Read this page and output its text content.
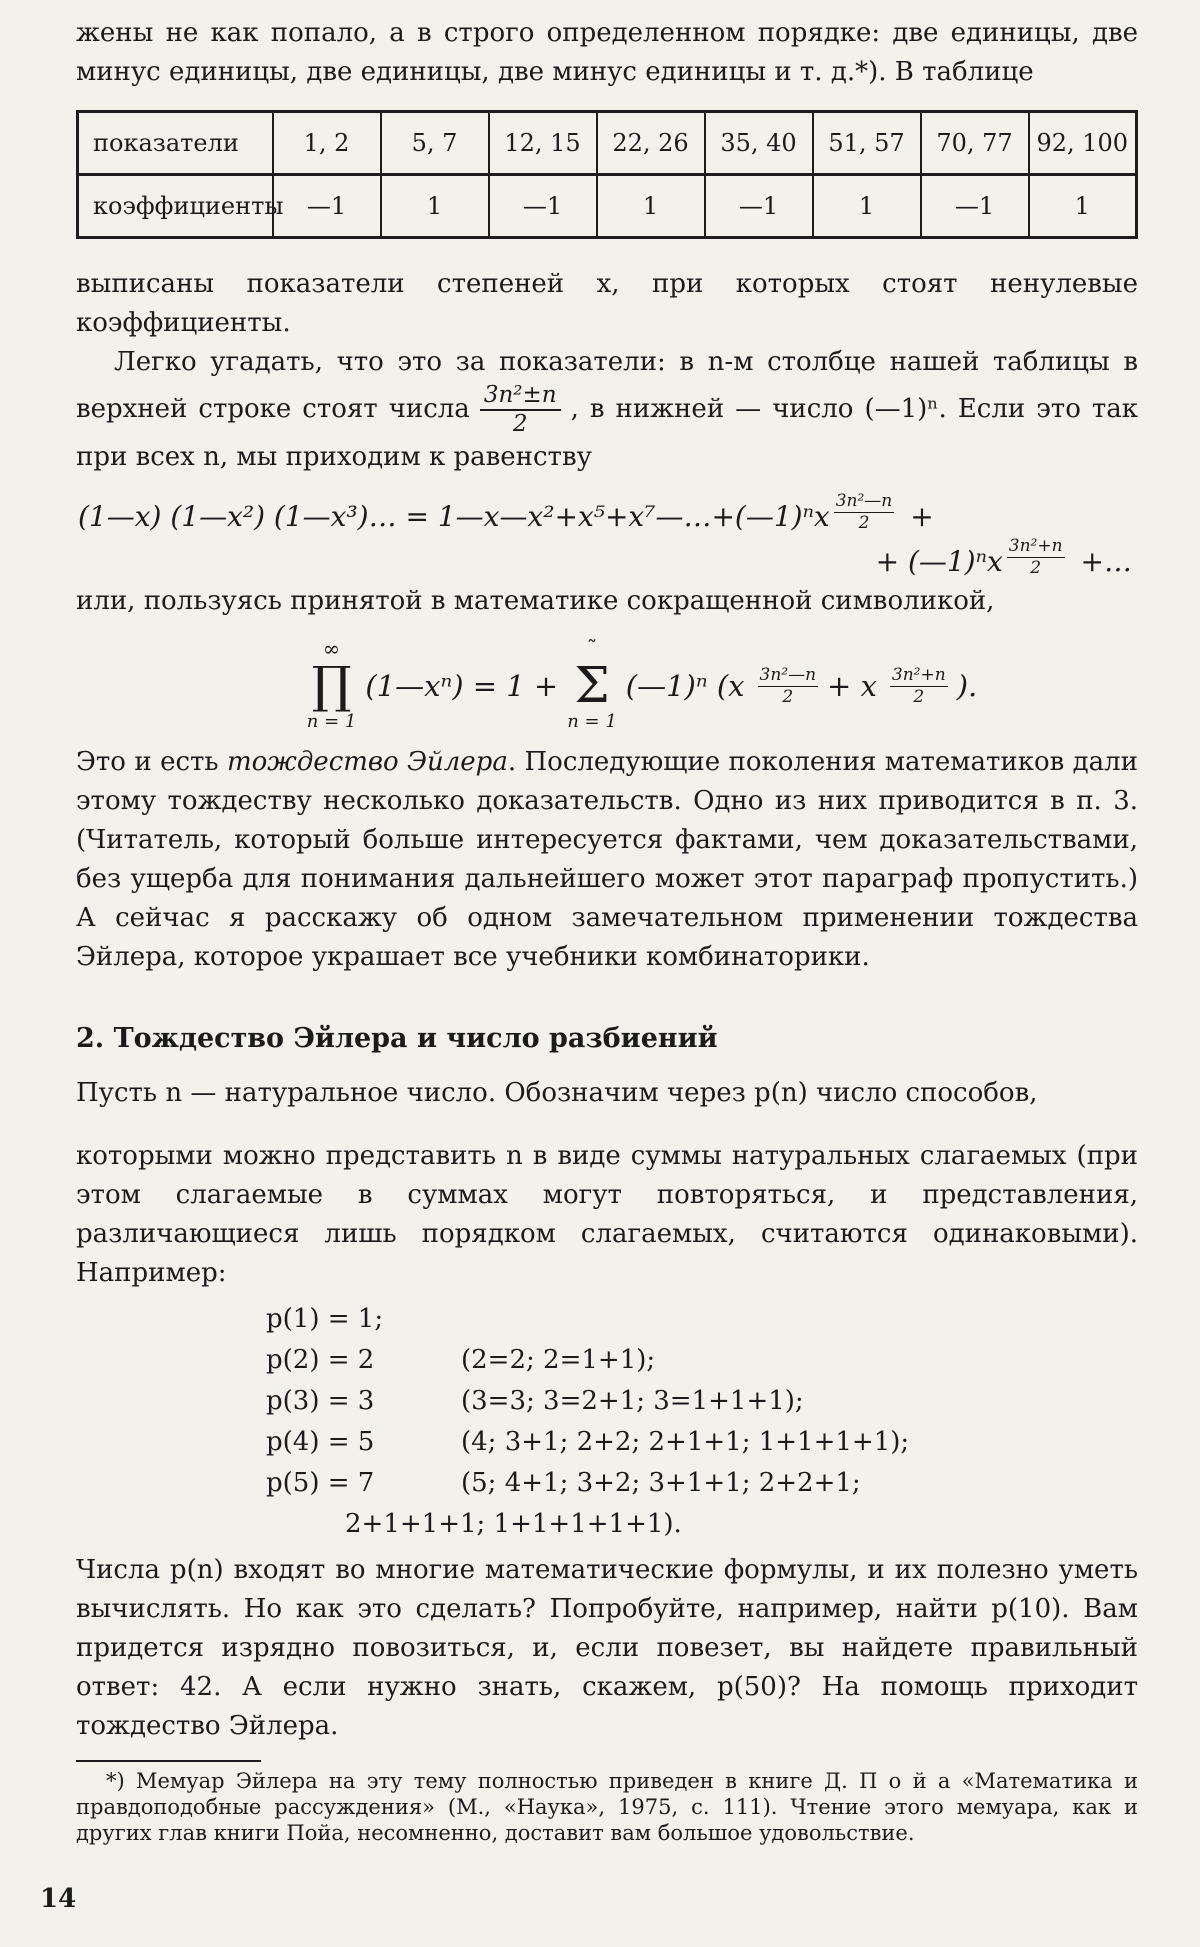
жены не как попало, а в строго определенном порядке: две единицы, две минус единицы, две единицы, две минус единицы и т. д.*). В таблице

показатели	1, 2	5, 7	12, 15	22, 26	35, 40	51, 57	70, 77	92, 100
коэффициенты	—1	1	—1	1	—1	1	—1	1

выписаны показатели степеней x, при которых стоят ненулевые коэффициенты.

Легко угадать, что это за показатели: в n-м столбце нашей таблицы в верхней строке стоят числа $\frac{\text{3n²±n}}{2}$ , в нижней — число (—1)ⁿ. Если это так при всех n, мы приходим к равенству

(1—x) (1—x²) (1—x³)… = 1—x—x²+x⁵+x⁷—…+(—1)ⁿx $\frac{\text{3n²—n}}{2}$ +
+ (—1)ⁿx $\frac{\text{3n²+n}}{2}$ +…

или, пользуясь принятой в математике сокращенной символикой,

∞
∏
n = 1
(1—xⁿ) = 1 +
˜
Σ
n = 1
(—1)ⁿ ($x \frac{\text{3n²—n}}{2} + x \frac{\text{3n²+n}}{2}$ ).

Это и есть тождество Эйлера. Последующие поколения математиков дали этому тождеству несколько доказательств. Одно из них приводится в п. 3. (Читатель, который больше интересуется фактами, чем доказательствами, без ущерба для понимания дальнейшего может этот параграф пропустить.) А сейчас я расскажу об одном замечательном применении тождества Эйлера, которое украшает все учебники комбинаторики.

2. Тождество Эйлера и число разбиений

Пусть n — натуральное число. Обозначим через p(n) число способов,

которыми можно представить n в виде суммы натуральных слагаемых (при этом слагаемые в суммах могут повторяться, и представления, различающиеся лишь порядком слагаемых, считаются одинаковыми). Например:

p(1) = 1;
p(2) = 2	(2=2; 2=1+1);
p(3) = 3	(3=3; 3=2+1; 3=1+1+1);
p(4) = 5	(4; 3+1; 2+2; 2+1+1; 1+1+1+1);
p(5) = 7	(5; 4+1; 3+2; 3+1+1; 2+2+1;
2+1+1+1; 1+1+1+1+1).

Числа p(n) входят во многие математические формулы, и их полезно уметь вычислять. Но как это сделать? Попробуйте, например, найти p(10). Вам придется изрядно повозиться, и, если повезет, вы найдете правильный ответ: 42. А если нужно знать, скажем, p(50)? На помощь приходит тождество Эйлера.

*) Мемуар Эйлера на эту тему полностью приведен в книге Д. П о й а «Математика и правдоподобные рассуждения» (М., «Наука», 1975, с. 111). Чтение этого мемуара, как и других глав книги Пойа, несомненно, доставит вам большое удовольствие.

14
